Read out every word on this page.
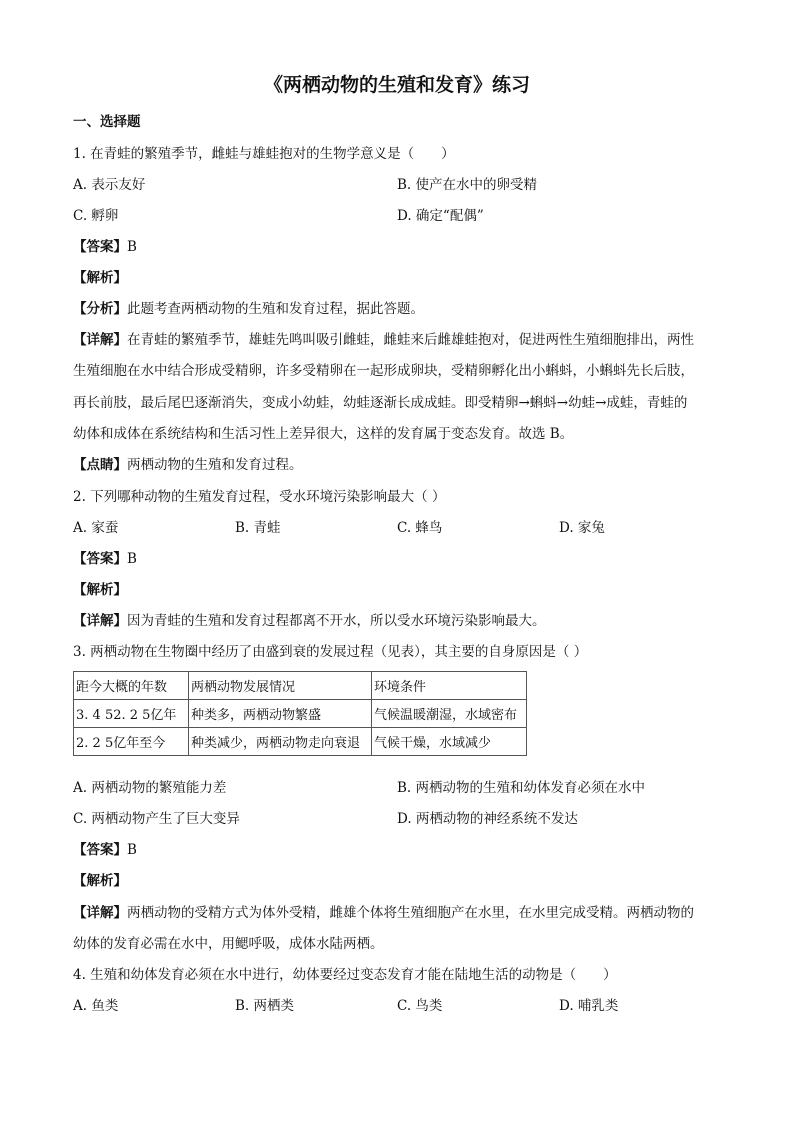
《两栖动物的生殖和发育》练习
一、选择题
1. 在青蛙的繁殖季节，雌蛙与雄蛙抱对的生物学意义是（　　）
A. 表示友好	B. 使产在水中的卵受精
C. 孵卵	D. 确定“配偶”
【答案】B
【解析】
【分析】此题考查两栖动物的生殖和发育过程，据此答题。
【详解】在青蛙的繁殖季节，雄蛙先鸣叫吸引雌蛙，雌蛙来后雌雄蛙抱对，促进两性生殖细胞排出，两性
生殖细胞在水中结合形成受精卵，许多受精卵在一起形成卵块，受精卵孵化出小蝌蚪，小蝌蚪先长后肢，
再长前肢，最后尾巴逐渐消失，变成小幼蛙，幼蛙逐渐长成成蛙。即受精卵→蝌蚪→幼蛙→成蛙，青蛙的
幼体和成体在系统结构和生活习性上差异很大，这样的发育属于变态发育。故选 B。
【点睛】两栖动物的生殖和发育过程。
2. 下列哪种动物的生殖发育过程，受水环境污染影响最大（ ）
A. 家蚕	B. 青蛙	C. 蜂鸟	D. 家兔
【答案】B
【解析】
【详解】因为青蛙的生殖和发育过程都离不开水，所以受水环境污染影响最大。
3. 两栖动物在生物圈中经历了由盛到衰的发展过程（见表），其主要的自身原因是（ ）
距今大概的年数	两栖动物发展情况	环境条件
3. 4 52. 2 5亿年	种类多，两栖动物繁盛	气候温暖潮湿，水域密布
2. 2 5亿年至今	种类减少，两栖动物走向衰退	气候干燥，水域减少
A. 两栖动物的繁殖能力差	B. 两栖动物的生殖和幼体发育必须在水中
C. 两栖动物产生了巨大变异	D. 两栖动物的神经系统不发达
【答案】B
【解析】
【详解】两栖动物的受精方式为体外受精，雌雄个体将生殖细胞产在水里，在水里完成受精。两栖动物的
幼体的发育必需在水中，用鳃呼吸，成体水陆两栖。
4. 生殖和幼体发育必须在水中进行，幼体要经过变态发育才能在陆地生活的动物是（　　）
A. 鱼类	B. 两栖类	C. 鸟类	D. 哺乳类
